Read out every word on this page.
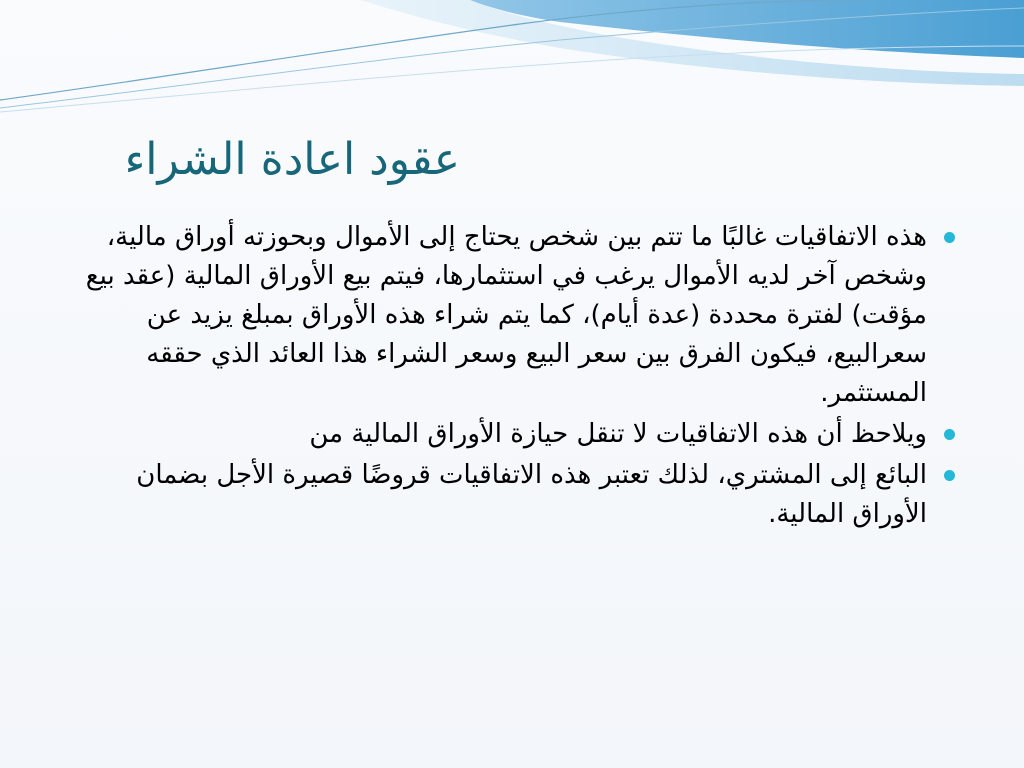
عقود اعادة الشراء
هذه الاتفاقيات غالبًا ما تتم بين شخص يحتاج إلى الأموال وبحوزته أوراق مالية، وشخص آخر لديه الأموال يرغب في استثمارها، فيتم بيع الأوراق المالية (عقد بيع مؤقت) لفترة محددة (عدة أيام)، كما يتم شراء هذه الأوراق بمبلغ يزيد عن سعرالبيع، فيكون الفرق بين سعر البيع وسعر الشراء هذا العائد الذي حققه المستثمر.
ويلاحظ أن هذه الاتفاقيات لا تنقل حيازة الأوراق المالية من
البائع إلى المشتري، لذلك تعتبر هذه الاتفاقيات قروضًا قصيرة الأجل بضمان الأوراق المالية.
